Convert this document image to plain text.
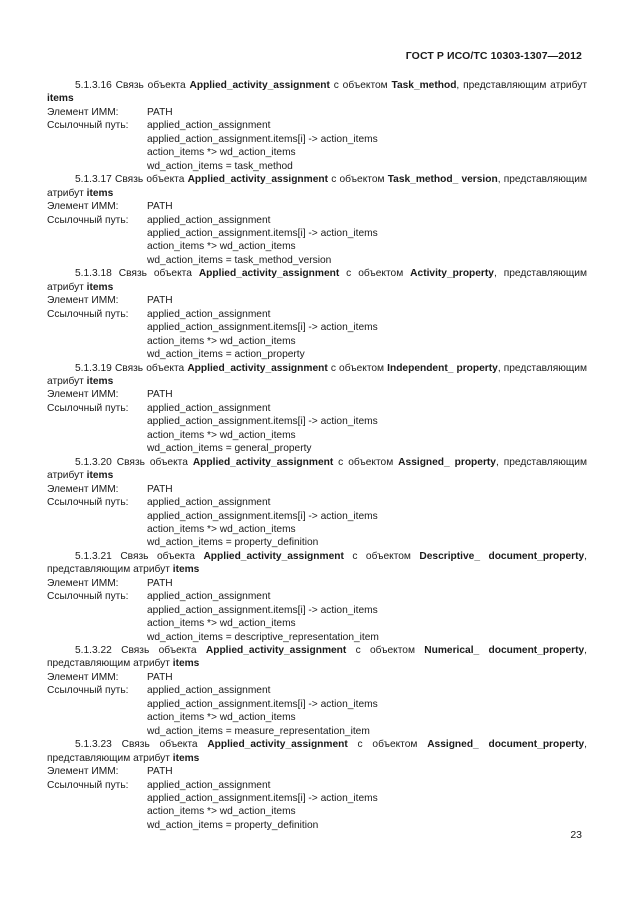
ГОСТ Р ИСО/ТС 10303-1307—2012
5.1.3.16 Связь объекта Applied_activity_assignment с объектом Task_method, представляющим атрибут items
Элемент ИММ:	PATH
Ссылочный путь:	applied_action_assignment
applied_action_assignment.items[i] -> action_items
action_items *> wd_action_items
wd_action_items = task_method
5.1.3.17 Связь объекта Applied_activity_assignment с объектом Task_method_ version, представляющим атрибут items
Элемент ИММ:	PATH
Ссылочный путь:	applied_action_assignment
applied_action_assignment.items[i] -> action_items
action_items *> wd_action_items
wd_action_items = task_method_version
5.1.3.18 Связь объекта Applied_activity_assignment с объектом Activity_property, представляющим атрибут items
Элемент ИММ:	PATH
Ссылочный путь:	applied_action_assignment
applied_action_assignment.items[i] -> action_items
action_items *> wd_action_items
wd_action_items = action_property
5.1.3.19 Связь объекта Applied_activity_assignment с объектом Independent_ property, представляющим атрибут items
Элемент ИММ:	PATH
Ссылочный путь:	applied_action_assignment
applied_action_assignment.items[i] -> action_items
action_items *> wd_action_items
wd_action_items = general_property
5.1.3.20 Связь объекта Applied_activity_assignment с объектом Assigned_ property, представляющим атрибут items
Элемент ИММ:	PATH
Ссылочный путь:	applied_action_assignment
applied_action_assignment.items[i] -> action_items
action_items *> wd_action_items
wd_action_items = property_definition
5.1.3.21 Связь объекта Applied_activity_assignment с объектом Descriptive_ document_property, представляющим атрибут items
Элемент ИММ:	PATH
Ссылочный путь:	applied_action_assignment
applied_action_assignment.items[i] -> action_items
action_items *> wd_action_items
wd_action_items = descriptive_representation_item
5.1.3.22 Связь объекта Applied_activity_assignment с объектом Numerical_ document_property, представляющим атрибут items
Элемент ИММ:	PATH
Ссылочный путь:	applied_action_assignment
applied_action_assignment.items[i] -> action_items
action_items *> wd_action_items
wd_action_items = measure_representation_item
5.1.3.23 Связь объекта Applied_activity_assignment с объектом Assigned_ document_property, представляющим атрибут items
Элемент ИММ:	PATH
Ссылочный путь:	applied_action_assignment
applied_action_assignment.items[i] -> action_items
action_items *> wd_action_items
wd_action_items = property_definition
23
